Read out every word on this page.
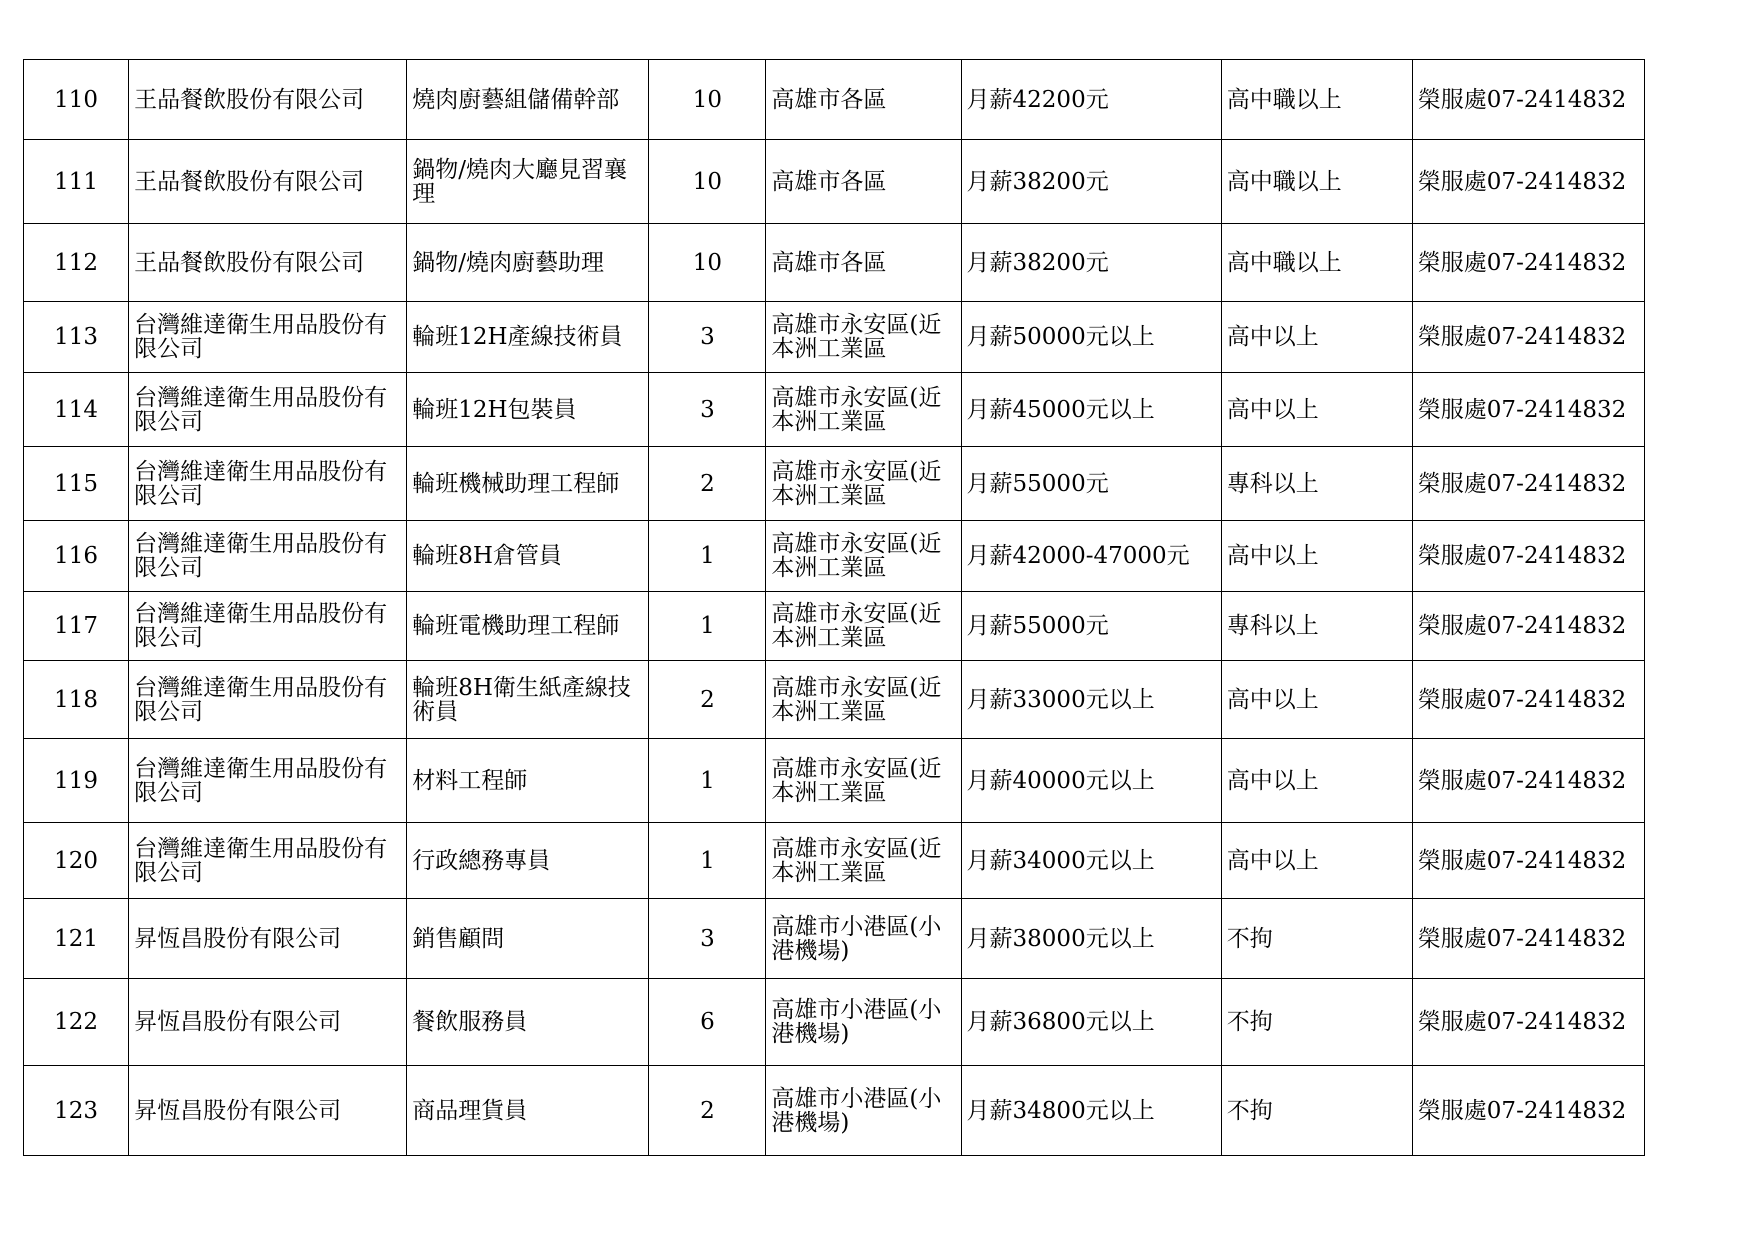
110	王品餐飲股份有限公司	燒肉廚藝組儲備幹部	10	高雄市各區	月薪42200元	高中職以上	榮服處07-2414832
111	王品餐飲股份有限公司	鍋物/燒肉大廳見習襄理	10	高雄市各區	月薪38200元	高中職以上	榮服處07-2414832
112	王品餐飲股份有限公司	鍋物/燒肉廚藝助理	10	高雄市各區	月薪38200元	高中職以上	榮服處07-2414832
113	台灣維達衛生用品股份有限公司	輪班12H產線技術員	3	高雄市永安區(近本洲工業區	月薪50000元以上	高中以上	榮服處07-2414832
114	台灣維達衛生用品股份有限公司	輪班12H包裝員	3	高雄市永安區(近本洲工業區	月薪45000元以上	高中以上	榮服處07-2414832
115	台灣維達衛生用品股份有限公司	輪班機械助理工程師	2	高雄市永安區(近本洲工業區	月薪55000元	專科以上	榮服處07-2414832
116	台灣維達衛生用品股份有限公司	輪班8H倉管員	1	高雄市永安區(近本洲工業區	月薪42000-47000元	高中以上	榮服處07-2414832
117	台灣維達衛生用品股份有限公司	輪班電機助理工程師	1	高雄市永安區(近本洲工業區	月薪55000元	專科以上	榮服處07-2414832
118	台灣維達衛生用品股份有限公司	輪班8H衛生紙產線技術員	2	高雄市永安區(近本洲工業區	月薪33000元以上	高中以上	榮服處07-2414832
119	台灣維達衛生用品股份有限公司	材料工程師	1	高雄市永安區(近本洲工業區	月薪40000元以上	高中以上	榮服處07-2414832
120	台灣維達衛生用品股份有限公司	行政總務專員	1	高雄市永安區(近本洲工業區	月薪34000元以上	高中以上	榮服處07-2414832
121	昇恆昌股份有限公司	銷售顧問	3	高雄市小港區(小港機場)	月薪38000元以上	不拘	榮服處07-2414832
122	昇恆昌股份有限公司	餐飲服務員	6	高雄市小港區(小港機場)	月薪36800元以上	不拘	榮服處07-2414832
123	昇恆昌股份有限公司	商品理貨員	2	高雄市小港區(小港機場)	月薪34800元以上	不拘	榮服處07-2414832
